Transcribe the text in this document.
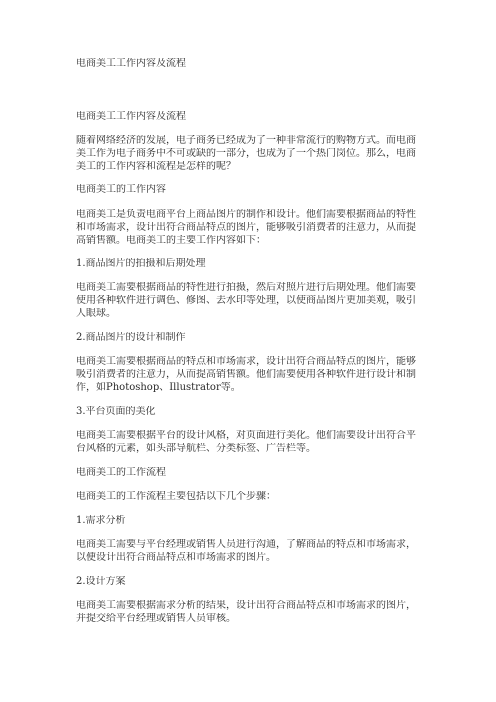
电商美工工作内容及流程
电商美工工作内容及流程
随着网络经济的发展，电子商务已经成为了一种非常流行的购物方式。而电商
美工作为电子商务中不可或缺的一部分，也成为了一个热门岗位。那么，电商
美工的工作内容和流程是怎样的呢？
电商美工的工作内容
电商美工是负责电商平台上商品图片的制作和设计。他们需要根据商品的特性
和市场需求，设计出符合商品特点的图片，能够吸引消费者的注意力，从而提
高销售额。电商美工的主要工作内容如下：
1.商品图片的拍摄和后期处理
电商美工需要根据商品的特性进行拍摄，然后对照片进行后期处理。他们需要
使用各种软件进行调色、修图、去水印等处理，以使商品图片更加美观，吸引
人眼球。
2.商品图片的设计和制作
电商美工需要根据商品的特点和市场需求，设计出符合商品特点的图片，能够
吸引消费者的注意力，从而提高销售额。他们需要使用各种软件进行设计和制
作，如Photoshop、Illustrator等。
3.平台页面的美化
电商美工需要根据平台的设计风格，对页面进行美化。他们需要设计出符合平
台风格的元素，如头部导航栏、分类标签、广告栏等。
电商美工的工作流程
电商美工的工作流程主要包括以下几个步骤：
1.需求分析
电商美工需要与平台经理或销售人员进行沟通，了解商品的特点和市场需求，
以便设计出符合商品特点和市场需求的图片。
2.设计方案
电商美工需要根据需求分析的结果，设计出符合商品特点和市场需求的图片，
并提交给平台经理或销售人员审核。
